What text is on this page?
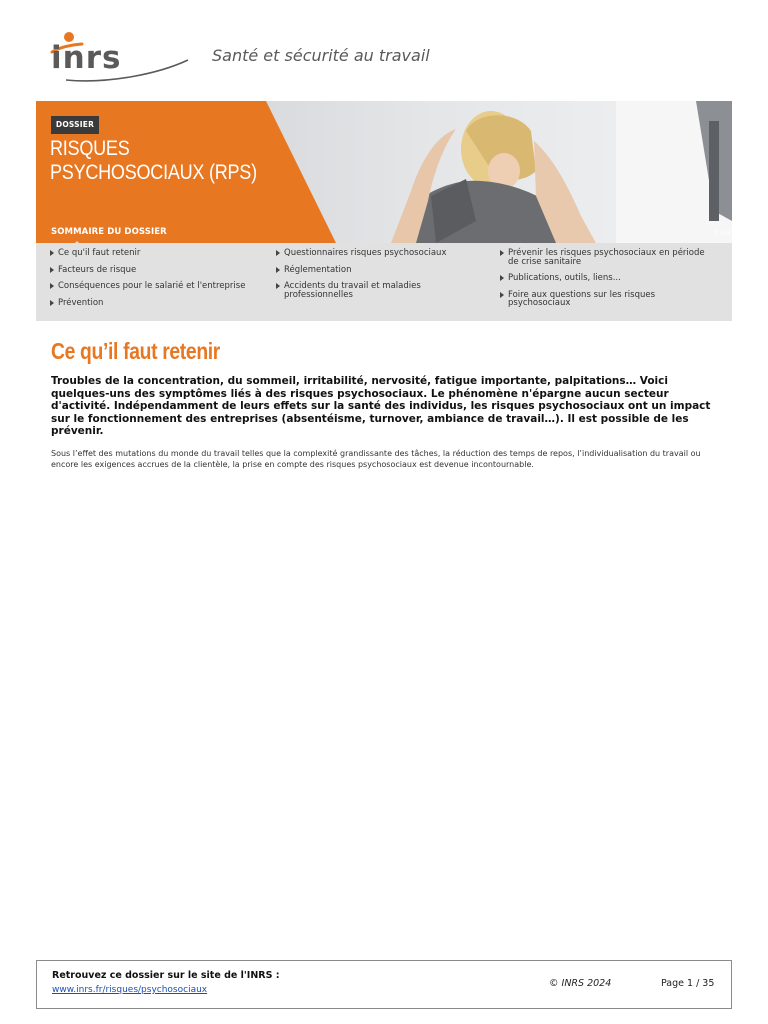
inrs	Santé et sécurité au travail
DOSSIER
RISQUES
PSYCHOSOCIAUX (RPS)
SOMMAIRE DU DOSSIER	© Fot
Ce qu'il faut retenir
Facteurs de risque
Conséquences pour le salarié et l'entreprise
Prévention
Questionnaires risques psychosociaux
Réglementation
Accidents du travail et maladies professionnelles
Prévenir les risques psychosociaux en période de crise sanitaire
Publications, outils, liens...
Foire aux questions sur les risques psychosociaux
Ce qu’il faut retenir

Troubles de la concentration, du sommeil, irritabilité, nervosité, fatigue importante, palpitations… Voici quelques-uns des symptômes liés à des risques psychosociaux. Le phénomène n'épargne aucun secteur d'activité. Indépendamment de leurs effets sur la santé des individus, les risques psychosociaux ont un impact sur le fonctionnement des entreprises (absentéisme, turnover, ambiance de travail…). Il est possible de les prévenir.

Sous l’effet des mutations du monde du travail telles que la complexité grandissante des tâches, la réduction des temps de repos, l’individualisation du travail ou encore les exigences accrues de la clientèle, la prise en compte des risques psychosociaux est devenue incontournable.

Retrouvez ce dossier sur le site de l'INRS :
www.inrs.fr/risques/psychosociaux
© INRS 2024	Page 1 / 35
